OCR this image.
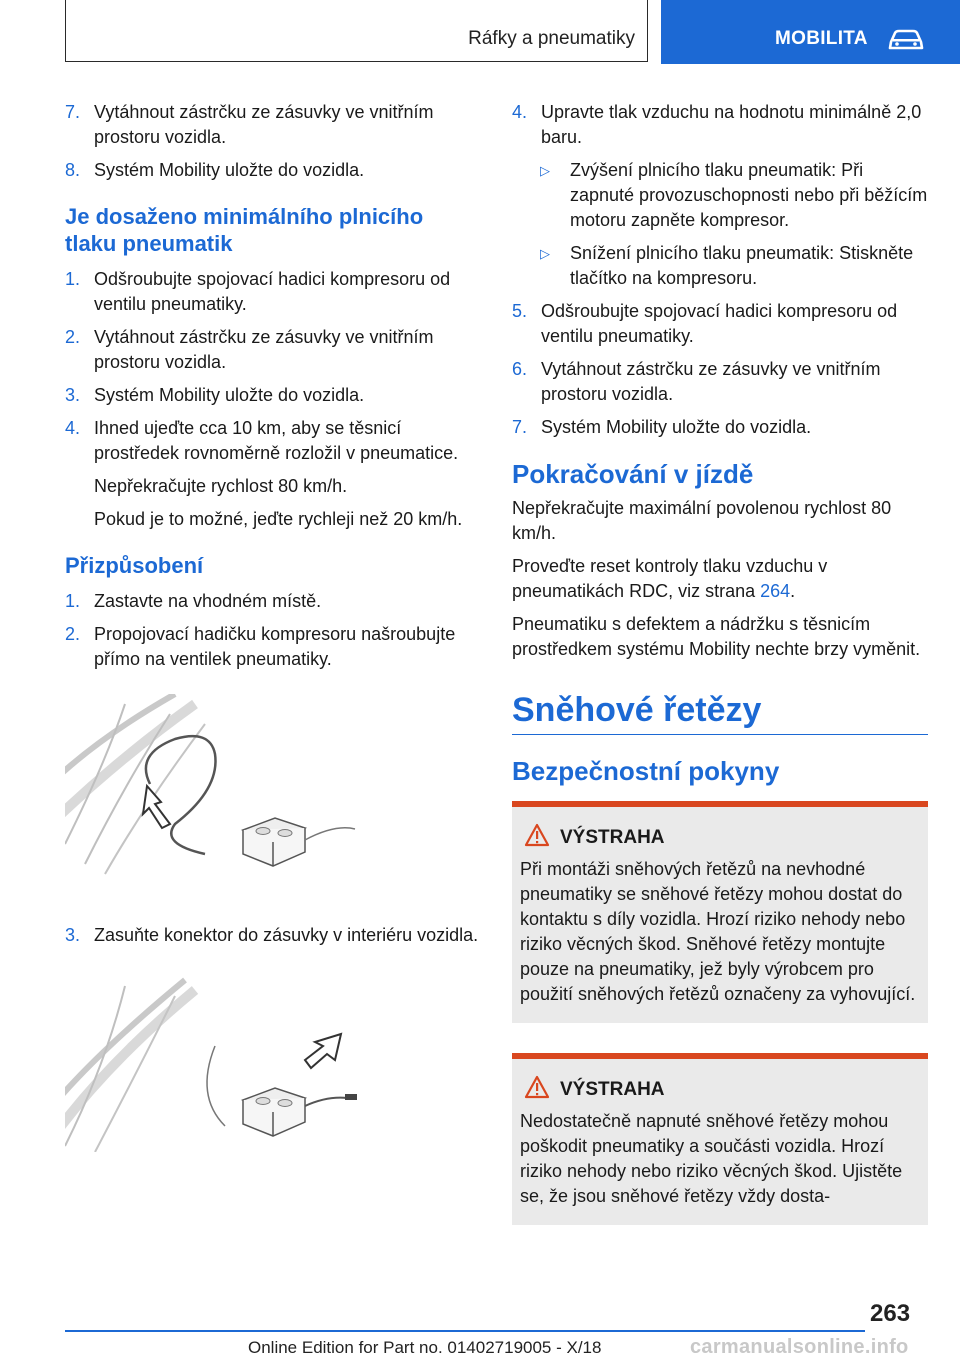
Ráfky a pneumatiky	MOBILITA
7. Vytáhnout zástrčku ze zásuvky ve vnitřním prostoru vozidla.
8. Systém Mobility uložte do vozidla.
Je dosaženo minimálního plnicího tlaku pneumatik
1. Odšroubujte spojovací hadici kompresoru od ventilu pneumatiky.
2. Vytáhnout zástrčku ze zásuvky ve vnitřním prostoru vozidla.
3. Systém Mobility uložte do vozidla.
4. Ihned ujeďte cca 10 km, aby se těsnicí prostředek rovnoměrně rozložil v pneumatice.
Nepřekračujte rychlost 80 km/h.
Pokud je to možné, jeďte rychleji než 20 km/h.
Přizpůsobení
1. Zastavte na vhodném místě.
2. Propojovací hadičku kompresoru našroubujte přímo na ventilek pneumatiky.
3. Zasuňte konektor do zásuvky v interiéru vozidla.
4. Upravte tlak vzduchu na hodnotu minimálně 2,0 baru.
▷ Zvýšení plnicího tlaku pneumatik: Při zapnuté provozuschopnosti nebo při běžícím motoru zapněte kompresor.
▷ Snížení plnicího tlaku pneumatik: Stiskněte tlačítko na kompresoru.
5. Odšroubujte spojovací hadici kompresoru od ventilu pneumatiky.
6. Vytáhnout zástrčku ze zásuvky ve vnitřním prostoru vozidla.
7. Systém Mobility uložte do vozidla.
Pokračování v jízdě
Nepřekračujte maximální povolenou rychlost 80 km/h.
Proveďte reset kontroly tlaku vzduchu v pneumatikách RDC, viz strana 264.
Pneumatiku s defektem a nádržku s těsnicím prostředkem systému Mobility nechte brzy vyměnit.
Sněhové řetězy
Bezpečnostní pokyny
VÝSTRAHA
Při montáži sněhových řetězů na nevhodné pneumatiky se sněhové řetězy mohou dostat do kontaktu s díly vozidla. Hrozí riziko nehody nebo riziko věcných škod. Sněhové řetězy montujte pouze na pneumatiky, jež byly výrobcem pro použití sněhových řetězů označeny za vyhovující.
VÝSTRAHA
Nedostatečně napnuté sněhové řetězy mohou poškodit pneumatiky a součásti vozidla. Hrozí riziko nehody nebo riziko věcných škod. Ujistěte se, že jsou sněhové řetězy vždy dosta-
263
Online Edition for Part no. 01402719005 - X/18	carmanualsonline.info
